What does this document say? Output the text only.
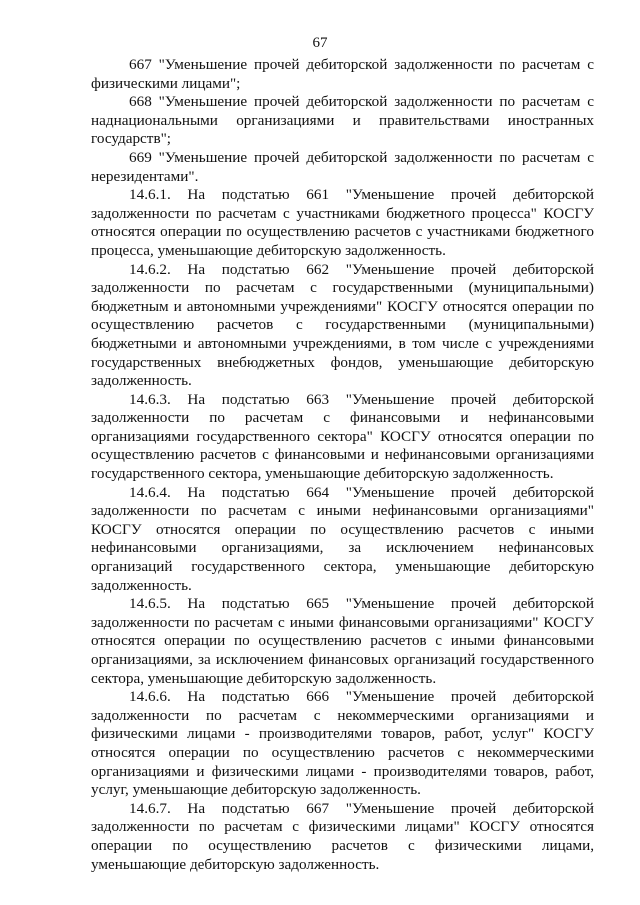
67

667 "Уменьшение прочей дебиторской задолженности по расчетам с физическими лицами";

668 "Уменьшение прочей дебиторской задолженности по расчетам с наднациональными организациями и правительствами иностранных государств";

669 "Уменьшение прочей дебиторской задолженности по расчетам с нерезидентами".

14.6.1. На подстатью 661 "Уменьшение прочей дебиторской задолженности по расчетам с участниками бюджетного процесса" КОСГУ относятся операции по осуществлению расчетов с участниками бюджетного процесса, уменьшающие дебиторскую задолженность.

14.6.2. На подстатью 662 "Уменьшение прочей дебиторской задолженности по расчетам с государственными (муниципальными) бюджетным и автономными учреждениями" КОСГУ относятся операции по осуществлению расчетов с государственными (муниципальными) бюджетными и автономными учреждениями, в том числе с учреждениями государственных внебюджетных фондов, уменьшающие дебиторскую задолженность.

14.6.3. На подстатью 663 "Уменьшение прочей дебиторской задолженности по расчетам с финансовыми и нефинансовыми организациями государственного сектора" КОСГУ относятся операции по осуществлению расчетов с финансовыми и нефинансовыми организациями государственного сектора, уменьшающие дебиторскую задолженность.

14.6.4. На подстатью 664 "Уменьшение прочей дебиторской задолженности по расчетам с иными нефинансовыми организациями" КОСГУ относятся операции по осуществлению расчетов с иными нефинансовыми организациями, за исключением нефинансовых организаций государственного сектора, уменьшающие дебиторскую задолженность.

14.6.5. На подстатью 665 "Уменьшение прочей дебиторской задолженности по расчетам с иными финансовыми организациями" КОСГУ относятся операции по осуществлению расчетов с иными финансовыми организациями, за исключением финансовых организаций государственного сектора, уменьшающие дебиторскую задолженность.

14.6.6. На подстатью 666 "Уменьшение прочей дебиторской задолженности по расчетам с некоммерческими организациями и физическими лицами - производителями товаров, работ, услуг" КОСГУ относятся операции по осуществлению расчетов с некоммерческими организациями и физическими лицами - производителями товаров, работ, услуг, уменьшающие дебиторскую задолженность.

14.6.7. На подстатью 667 "Уменьшение прочей дебиторской задолженности по расчетам с физическими лицами" КОСГУ относятся операции по осуществлению расчетов с физическими лицами, уменьшающие дебиторскую задолженность.
